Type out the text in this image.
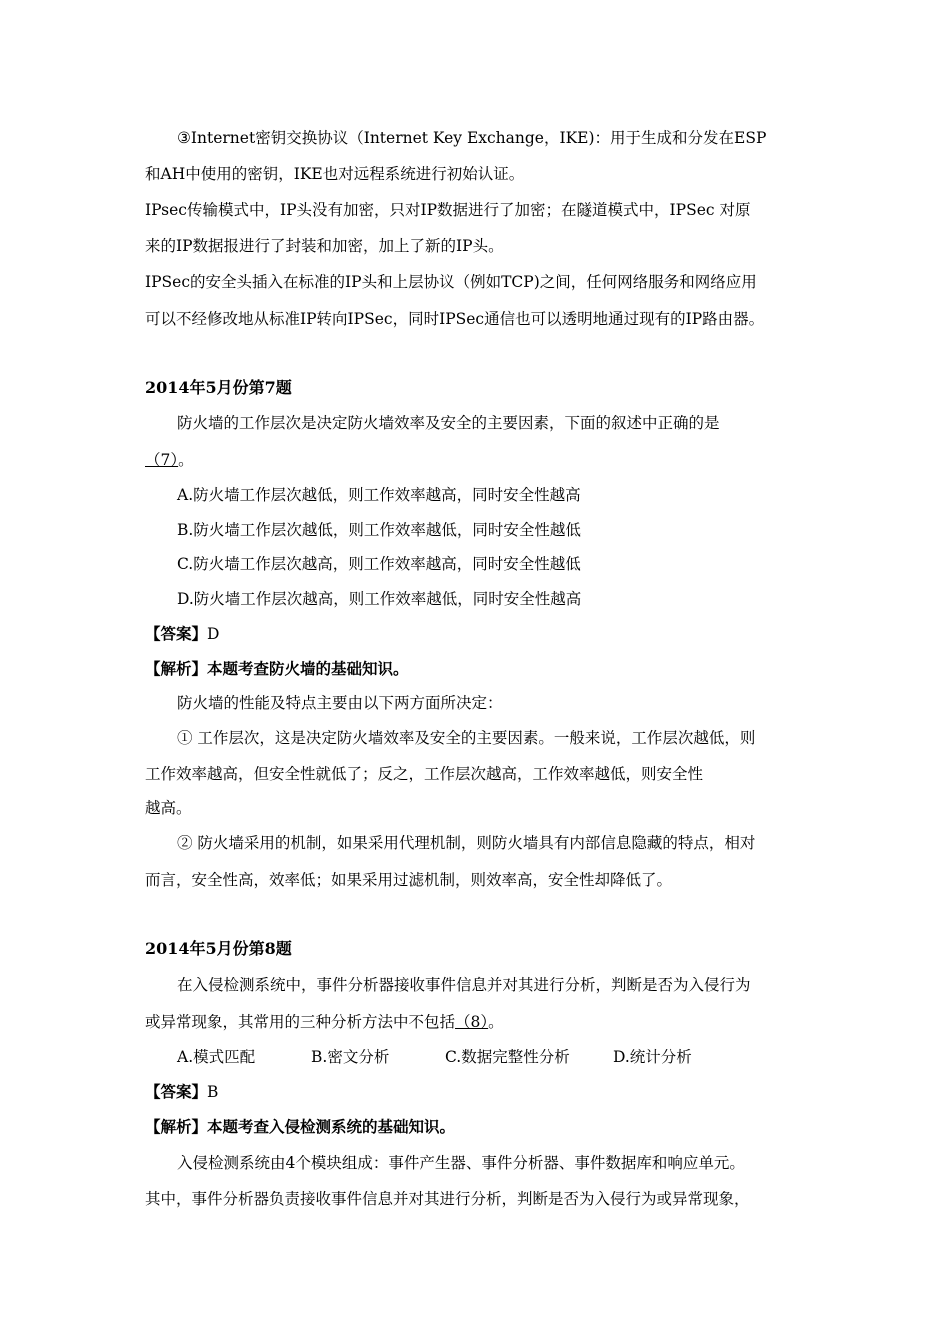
③Internet密钥交换协议（Internet Key Exchange，IKE)：用于生成和分发在ESP
和AH中使用的密钥，IKE也对远程系统进行初始认证。
IPsec传输模式中，IP头没有加密，只对IP数据进行了加密；在隧道模式中，IPSec 对原
来的IP数据报进行了封装和加密，加上了新的IP头。
IPSec的安全头插入在标准的IP头和上层协议（例如TCP)之间，任何网络服务和网络应用
可以不经修改地从标准IP转向IPSec，同时IPSec通信也可以透明地通过现有的IP路由器。
2014年5月份第7题
防火墙的工作层次是决定防火墙效率及安全的主要因素，下面的叙述中正确的是
（7）。
A.防火墙工作层次越低，则工作效率越高，同时安全性越高
B.防火墙工作层次越低，则工作效率越低，同时安全性越低
C.防火墙工作层次越高，则工作效率越高，同时安全性越低
D.防火墙工作层次越高，则工作效率越低，同时安全性越高
【答案】D
【解析】本题考查防火墙的基础知识。
防火墙的性能及特点主要由以下两方面所决定：
① 工作层次，这是决定防火墙效率及安全的主要因素。一般来说，工作层次越低，则
工作效率越高，但安全性就低了；反之，工作层次越高，工作效率越低，则安全性
越高。
② 防火墙采用的机制，如果采用代理机制，则防火墙具有内部信息隐藏的特点，相对
而言，安全性高，效率低；如果采用过滤机制，则效率高，安全性却降低了。
2014年5月份第8题
在入侵检测系统中，事件分析器接收事件信息并对其进行分析，判断是否为入侵行为
或异常现象，其常用的三种分析方法中不包括（8）。
A.模式匹配	B.密文分析	C.数据完整性分析	D.统计分析
【答案】B
【解析】本题考查入侵检测系统的基础知识。
入侵检测系统由4个模块组成：事件产生器、事件分析器、事件数据库和响应单元。
其中，事件分析器负责接收事件信息并对其进行分析，判断是否为入侵行为或异常现象，
